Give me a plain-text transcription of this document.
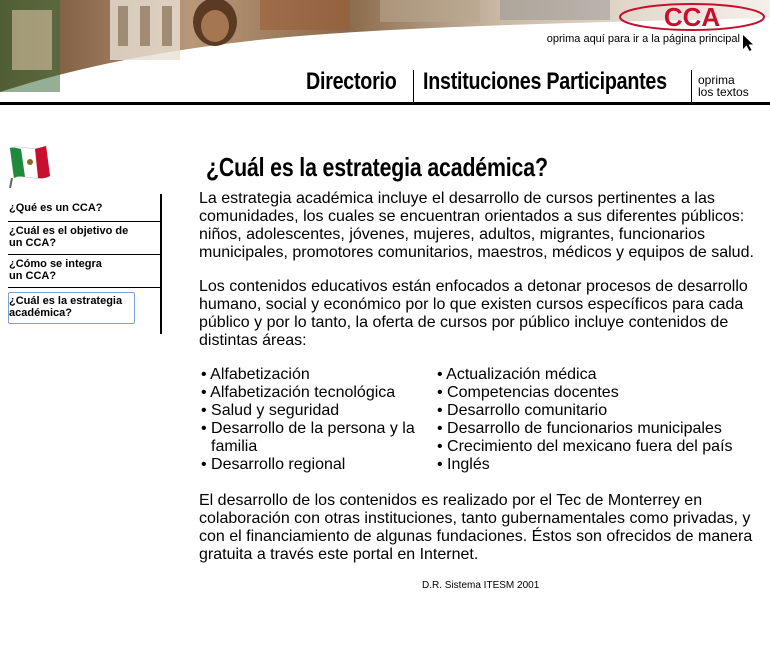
CCA
oprima aquí para ir a la página principal
Directorio Instituciones Participantes	oprima
los textos
¿Qué es un CCA?
¿Cuál es el objetivo de
un CCA?
¿Cómo se integra
un CCA?
¿Cuál es la estrategia
académica?
¿Cuál es la estrategia académica?
La estrategia académica incluye el desarrollo de cursos pertinentes a las comunidades, los cuales se encuentran orientados a sus diferentes públicos: niños, adolescentes, jóvenes, mujeres, adultos, migrantes, funcionarios municipales, promotores comunitarios, maestros, médicos y equipos de salud.
Los contenidos educativos están enfocados a detonar procesos de desarrollo humano, social y económico por lo que existen cursos específicos para cada público y por lo tanto, la oferta de cursos por público incluye contenidos de distintas áreas:
• Alfabetización
• Alfabetización tecnológica
• Salud y seguridad
• Desarrollo de la persona y la familia
• Desarrollo regional
• Actualización médica
• Competencias docentes
• Desarrollo comunitario
• Desarrollo de funcionarios municipales
• Crecimiento del mexicano fuera del país
• Inglés
El desarrollo de los contenidos es realizado por el Tec de Monterrey en colaboración con otras instituciones, tanto gubernamentales como privadas, y con el financiamiento de algunas fundaciones. Éstos son ofrecidos de manera gratuita a través este portal en Internet.
D.R. Sistema ITESM 2001
